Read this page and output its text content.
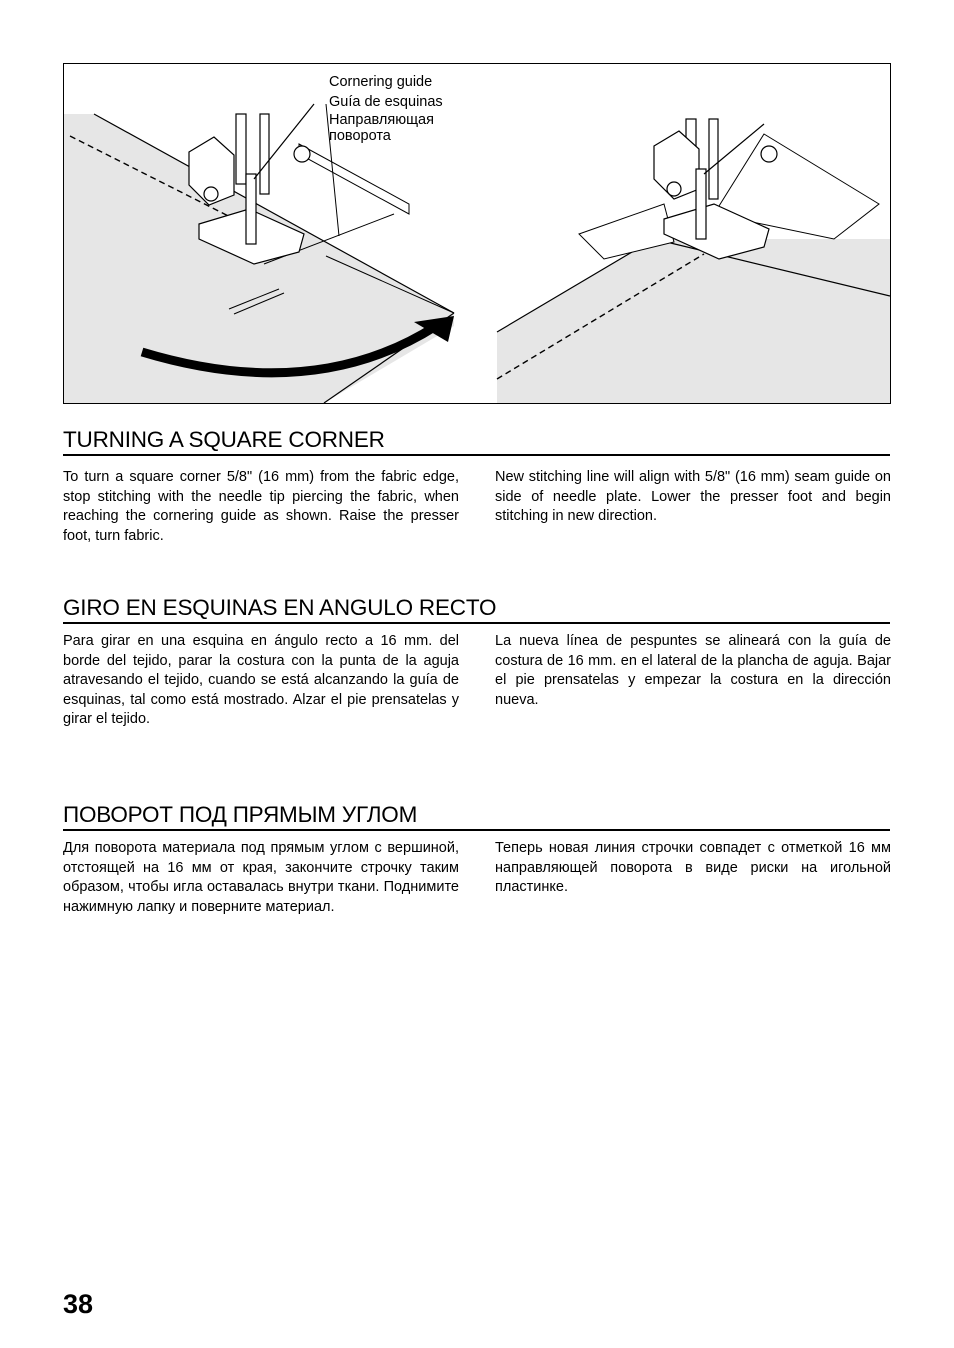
Cornering guide
Guía de esquinas
Направляющая
поворота
TURNING A SQUARE CORNER
To turn a square corner 5/8" (16 mm) from the fabric edge, stop stitching with the needle tip piercing the fabric, when reaching the cornering guide as shown. Raise the presser foot, turn fabric.
New stitching line will align with 5/8" (16 mm) seam guide on side of needle plate. Lower the presser foot and begin stitching in new direction.
GIRO EN ESQUINAS EN ANGULO RECTO
Para girar en una esquina en ángulo recto a 16 mm. del borde del tejido, parar la costura con la punta de la aguja atravesando el tejido, cuando se está alcanzando la guía de esquinas, tal como está mostrado. Alzar el pie prensatelas y girar el tejido.
La nueva línea de pespuntes se alineará con la guía de costura de 16 mm. en el lateral de la plancha de aguja. Bajar el pie prensatelas y empezar la costura en la dirección nueva.
ПОВОРОТ ПОД ПРЯМЫМ УГЛОМ
Для поворота материала под прямым углом с вершиной, отстоящей на 16 мм от края, закончите строчку таким образом, чтобы игла оставалась внутри ткани. Поднимите нажимную лапку и поверните материал.
Теперь новая линия строчки совпадет с отметкой 16 мм направляющей поворота в виде риски на игольной пластинке.
38
